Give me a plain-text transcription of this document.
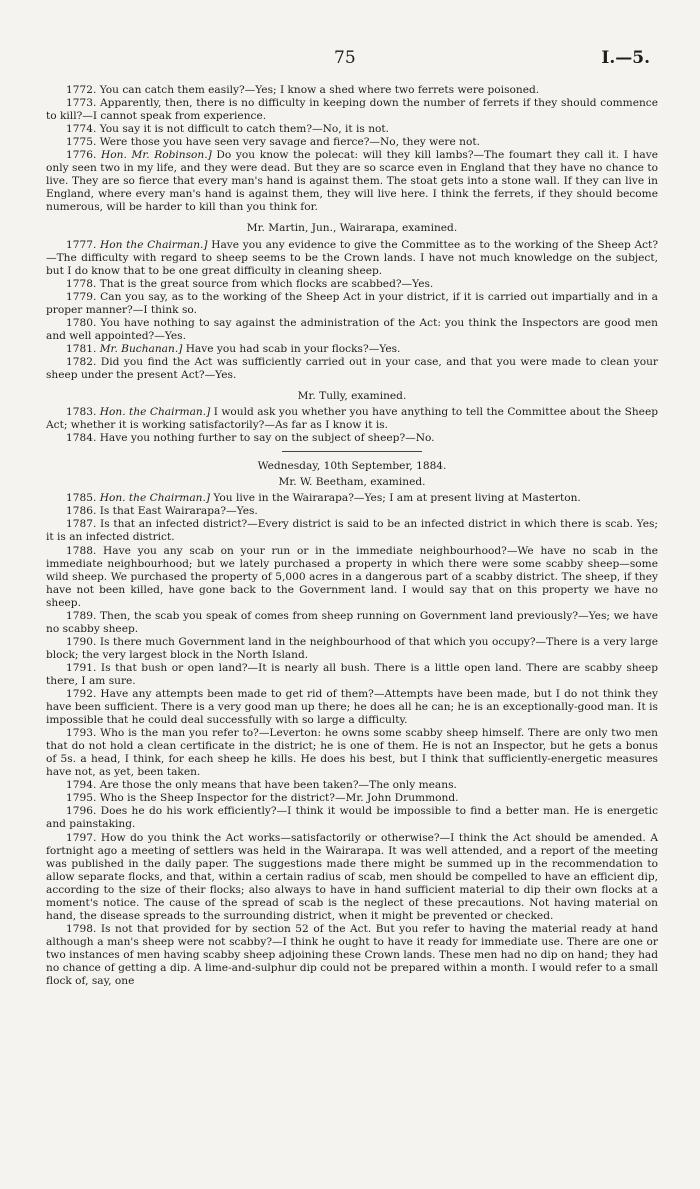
75	I.—5.

1772. You can catch them easily?—Yes; I know a shed where two ferrets were poisoned.

1773. Apparently, then, there is no difficulty in keeping down the number of ferrets if they should commence to kill?—I cannot speak from experience.

1774. You say it is not difficult to catch them?—No, it is not.

1775. Were those you have seen very savage and fierce?—No, they were not.

1776. Hon. Mr. Robinson.] Do you know the polecat: will they kill lambs?—The foumart they call it. I have only seen two in my life, and they were dead. But they are so scarce even in England that they have no chance to live. They are so fierce that every man's hand is against them. The stoat gets into a stone wall. If they can live in England, where every man's hand is against them, they will live here. I think the ferrets, if they should become numerous, will be harder to kill than you think for.

Mr. Martin, Jun., Wairarapa, examined.

1777. Hon the Chairman.] Have you any evidence to give the Committee as to the working of the Sheep Act?—The difficulty with regard to sheep seems to be the Crown lands. I have not much knowledge on the subject, but I do know that to be one great difficulty in cleaning sheep.

1778. That is the great source from which flocks are scabbed?—Yes.

1779. Can you say, as to the working of the Sheep Act in your district, if it is carried out impartially and in a proper manner?—I think so.

1780. You have nothing to say against the administration of the Act: you think the Inspectors are good men and well appointed?—Yes.

1781. Mr. Buchanan.] Have you had scab in your flocks?—Yes.

1782. Did you find the Act was sufficiently carried out in your case, and that you were made to clean your sheep under the present Act?—Yes.

Mr. Tully, examined.

1783. Hon. the Chairman.] I would ask you whether you have anything to tell the Committee about the Sheep Act; whether it is working satisfactorily?—As far as I know it is.

1784. Have you nothing further to say on the subject of sheep?—No.

Wednesday, 10th September, 1884.

Mr. W. Beetham, examined.

1785. Hon. the Chairman.] You live in the Wairarapa?—Yes; I am at present living at Masterton.

1786. Is that East Wairarapa?—Yes.

1787. Is that an infected district?—Every district is said to be an infected district in which there is scab. Yes; it is an infected district.

1788. Have you any scab on your run or in the immediate neighbourhood?—We have no scab in the immediate neighbourhood; but we lately purchased a property in which there were some scabby sheep—some wild sheep. We purchased the property of 5,000 acres in a dangerous part of a scabby district. The sheep, if they have not been killed, have gone back to the Government land. I would say that on this property we have no sheep.

1789. Then, the scab you speak of comes from sheep running on Government land previously?—Yes; we have no scabby sheep.

1790. Is there much Government land in the neighbourhood of that which you occupy?—There is a very large block; the very largest block in the North Island.

1791. Is that bush or open land?—It is nearly all bush. There is a little open land. There are scabby sheep there, I am sure.

1792. Have any attempts been made to get rid of them?—Attempts have been made, but I do not think they have been sufficient. There is a very good man up there; he does all he can; he is an exceptionally-good man. It is impossible that he could deal successfully with so large a difficulty.

1793. Who is the man you refer to?—Leverton: he owns some scabby sheep himself. There are only two men that do not hold a clean certificate in the district; he is one of them. He is not an Inspector, but he gets a bonus of 5s. a head, I think, for each sheep he kills. He does his best, but I think that sufficiently-energetic measures have not, as yet, been taken.

1794. Are those the only means that have been taken?—The only means.

1795. Who is the Sheep Inspector for the district?—Mr. John Drummond.

1796. Does he do his work efficiently?—I think it would be impossible to find a better man. He is energetic and painstaking.

1797. How do you think the Act works—satisfactorily or otherwise?—I think the Act should be amended. A fortnight ago a meeting of settlers was held in the Wairarapa. It was well attended, and a report of the meeting was published in the daily paper. The suggestions made there might be summed up in the recommendation to allow separate flocks, and that, within a certain radius of scab, men should be compelled to have an efficient dip, according to the size of their flocks; also always to have in hand sufficient material to dip their own flocks at a moment's notice. The cause of the spread of scab is the neglect of these precautions. Not having material on hand, the disease spreads to the surrounding district, when it might be prevented or checked.

1798. Is not that provided for by section 52 of the Act. But you refer to having the material ready at hand although a man's sheep were not scabby?—I think he ought to have it ready for immediate use. There are one or two instances of men having scabby sheep adjoining these Crown lands. These men had no dip on hand; they had no chance of getting a dip. A lime-and-sulphur dip could not be prepared within a month. I would refer to a small flock of, say, one
